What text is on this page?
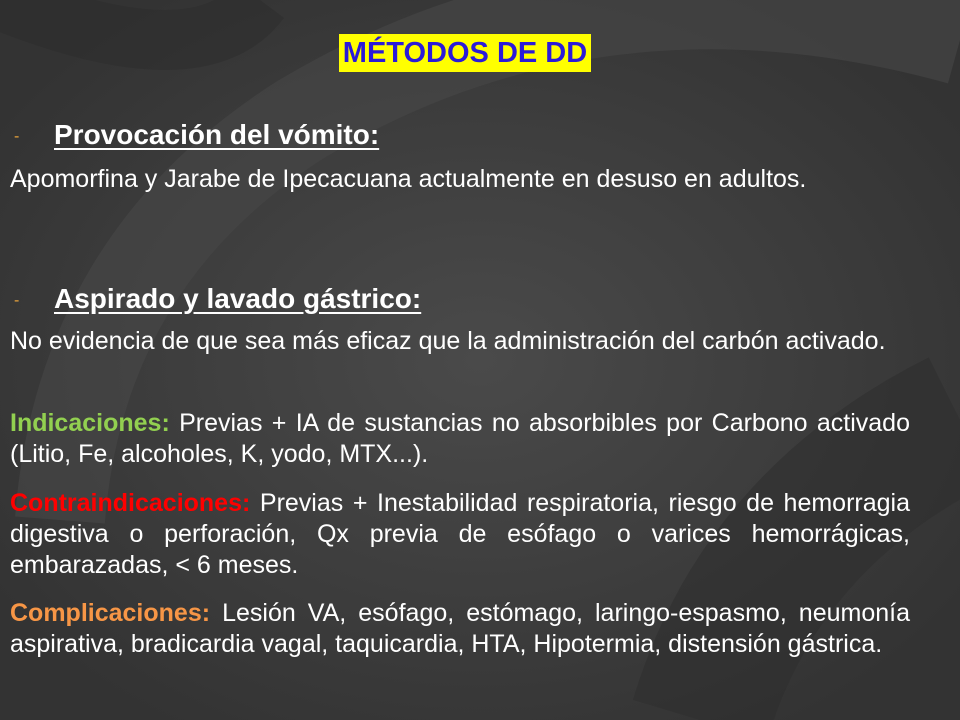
MÉTODOS DE DD
- Provocación del vómito:
Apomorfina y Jarabe de Ipecacuana actualmente en desuso en adultos.
- Aspirado y lavado gástrico:
No evidencia de que sea más eficaz que la administración del carbón activado.
Indicaciones: Previas + IA de sustancias no absorbibles por Carbono activado (Litio, Fe, alcoholes, K, yodo, MTX...).
Contraindicaciones: Previas + Inestabilidad respiratoria, riesgo de hemorragia digestiva o perforación, Qx previa de esófago o varices hemorrágicas, embarazadas, < 6 meses.
Complicaciones: Lesión VA, esófago, estómago, laringo-espasmo, neumonía aspirativa, bradicardia vagal, taquicardia, HTA, Hipotermia, distensión gástrica.
